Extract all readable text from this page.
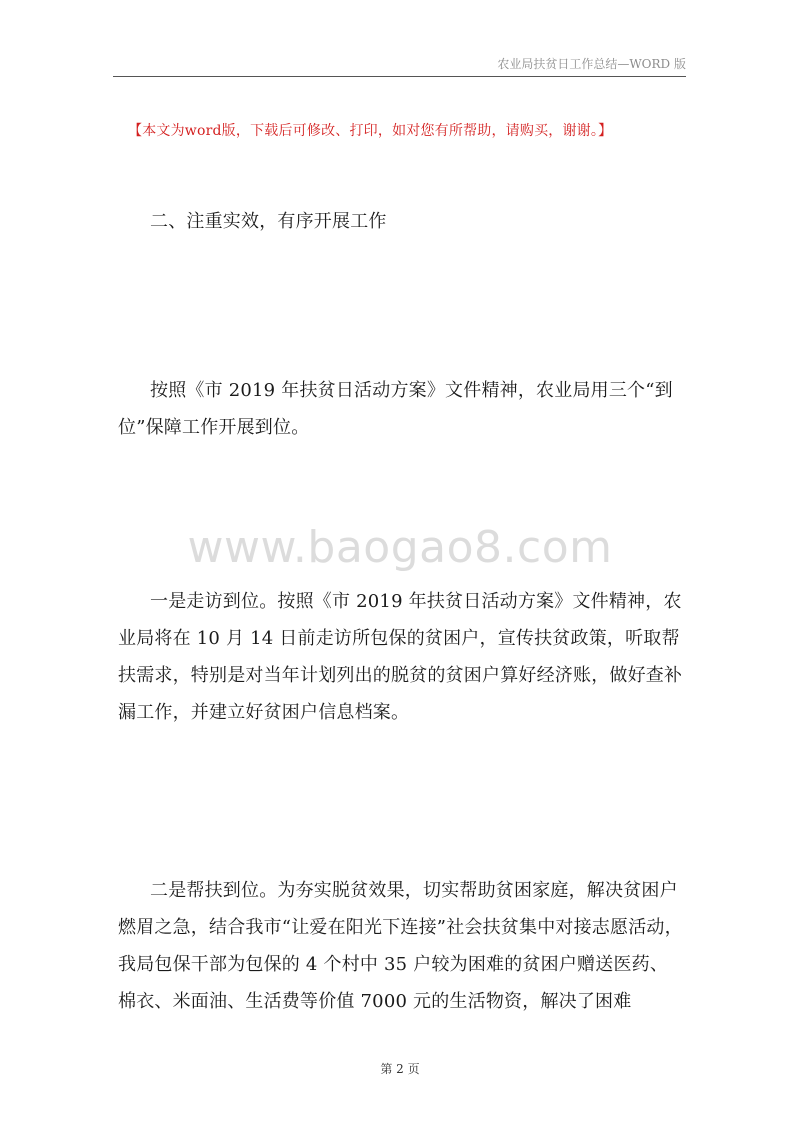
农业局扶贫日工作总结—WORD 版
【本文为word版，下载后可修改、打印，如对您有所帮助，请购买，谢谢。】
二、注重实效，有序开展工作
按照《市 2019 年扶贫日活动方案》文件精神，农业局用三个“到位”保障工作开展到位。
www.baogao8.com
一是走访到位。按照《市 2019 年扶贫日活动方案》文件精神，农业局将在 10 月 14 日前走访所包保的贫困户，宣传扶贫政策，听取帮扶需求，特别是对当年计划列出的脱贫的贫困户算好经济账，做好查补漏工作，并建立好贫困户信息档案。
二是帮扶到位。为夯实脱贫效果，切实帮助贫困家庭，解决贫困户燃眉之急，结合我市“让爱在阳光下连接”社会扶贫集中对接志愿活动，我局包保干部为包保的 4 个村中 35 户较为困难的贫困户赠送医药、棉衣、米面油、生活费等价值 7000 元的生活物资，解决了困难
第 2 页
